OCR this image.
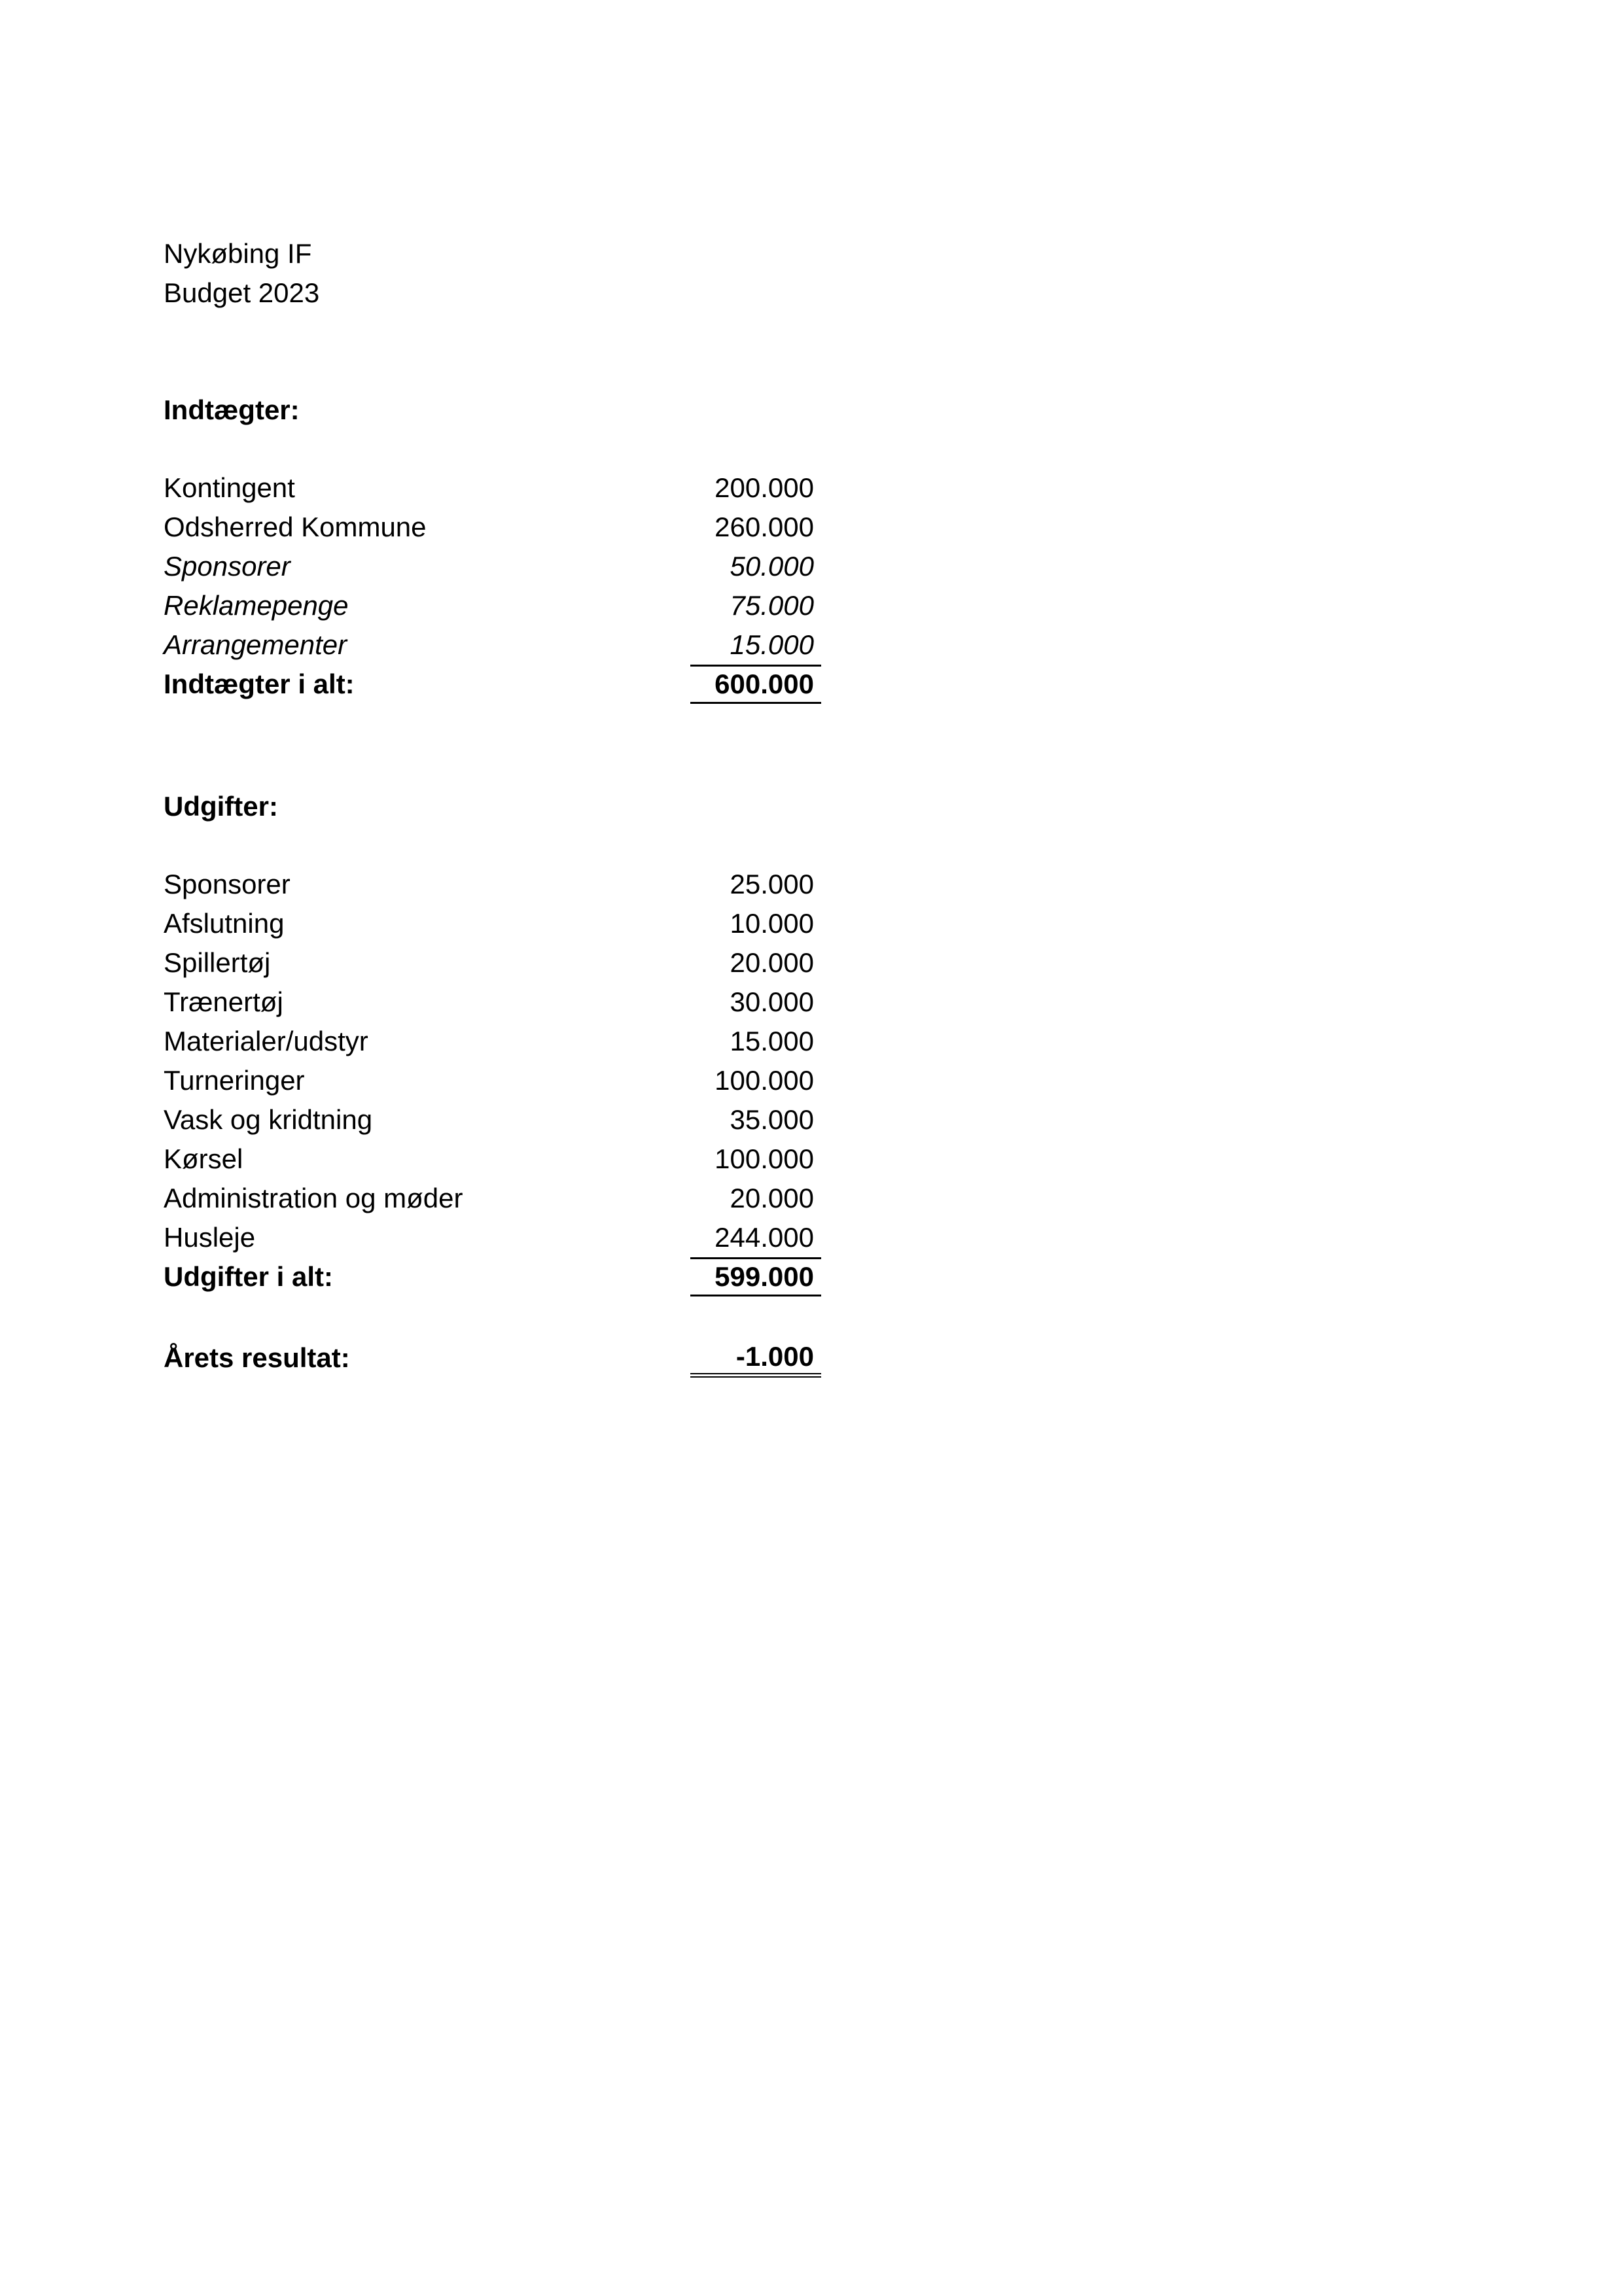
Nykøbing IF
Budget 2023
Indtægter:
Kontingent	200.000
Odsherred Kommune	260.000
Sponsorer	50.000
Reklamepenge	75.000
Arrangementer	15.000
Indtægter i alt:	600.000
Udgifter:
Sponsorer	25.000
Afslutning	10.000
Spillertøj	20.000
Trænertøj	30.000
Materialer/udstyr	15.000
Turneringer	100.000
Vask og kridtning	35.000
Kørsel	100.000
Administration og møder	20.000
Husleje	244.000
Udgifter i alt:	599.000
Årets resultat:	-1.000
